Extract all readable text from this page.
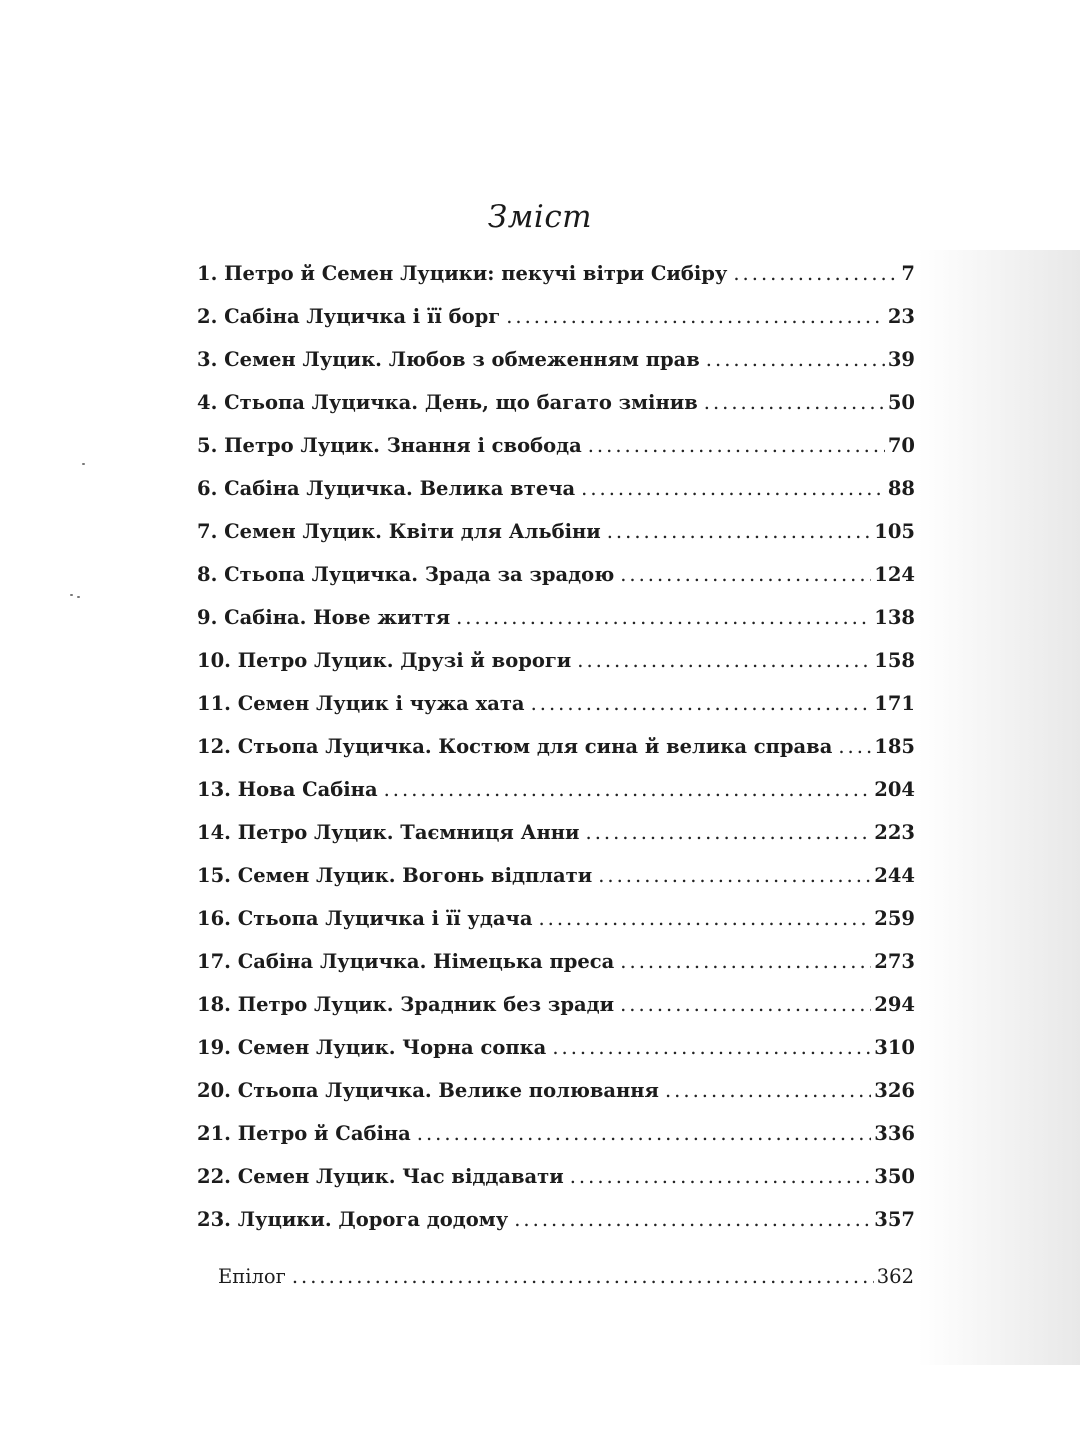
Зміст
1. Петро й Семен Луцики: пекучі вітри Сибіру .....	7
2. Сабіна Луцичка і її борг .....	23
3. Семен Луцик. Любов з обмеженням прав .....	39
4. Стьопа Луцичка. День, що багато змінив .....	50
5. Петро Луцик. Знання і свобода .....	70
6. Сабіна Луцичка. Велика втеча .....	88
7. Семен Луцик. Квіти для Альбіни .....	105
8. Стьопа Луцичка. Зрада за зрадою .....	124
9. Сабіна. Нове життя .....	138
10. Петро Луцик. Друзі й вороги .....	158
11. Семен Луцик і чужа хата .....	171
12. Стьопа Луцичка. Костюм для сина й велика справа ..... 185
13. Нова Сабіна .....	204
14. Петро Луцик. Таємниця Анни .....	223
15. Семен Луцик. Вогонь відплати .....	244
16. Стьопа Луцичка і її удача .....	259
17. Сабіна Луцичка. Німецька преса .....	273
18. Петро Луцик. Зрадник без зради .....	294
19. Семен Луцик. Чорна сопка .....	310
20. Стьопа Луцичка. Велике полювання .....	326
21. Петро й Сабіна .....	336
22. Семен Луцик. Час віддавати .....	350
23. Луцики. Дорога додому .....	357
Епілог .....	362
